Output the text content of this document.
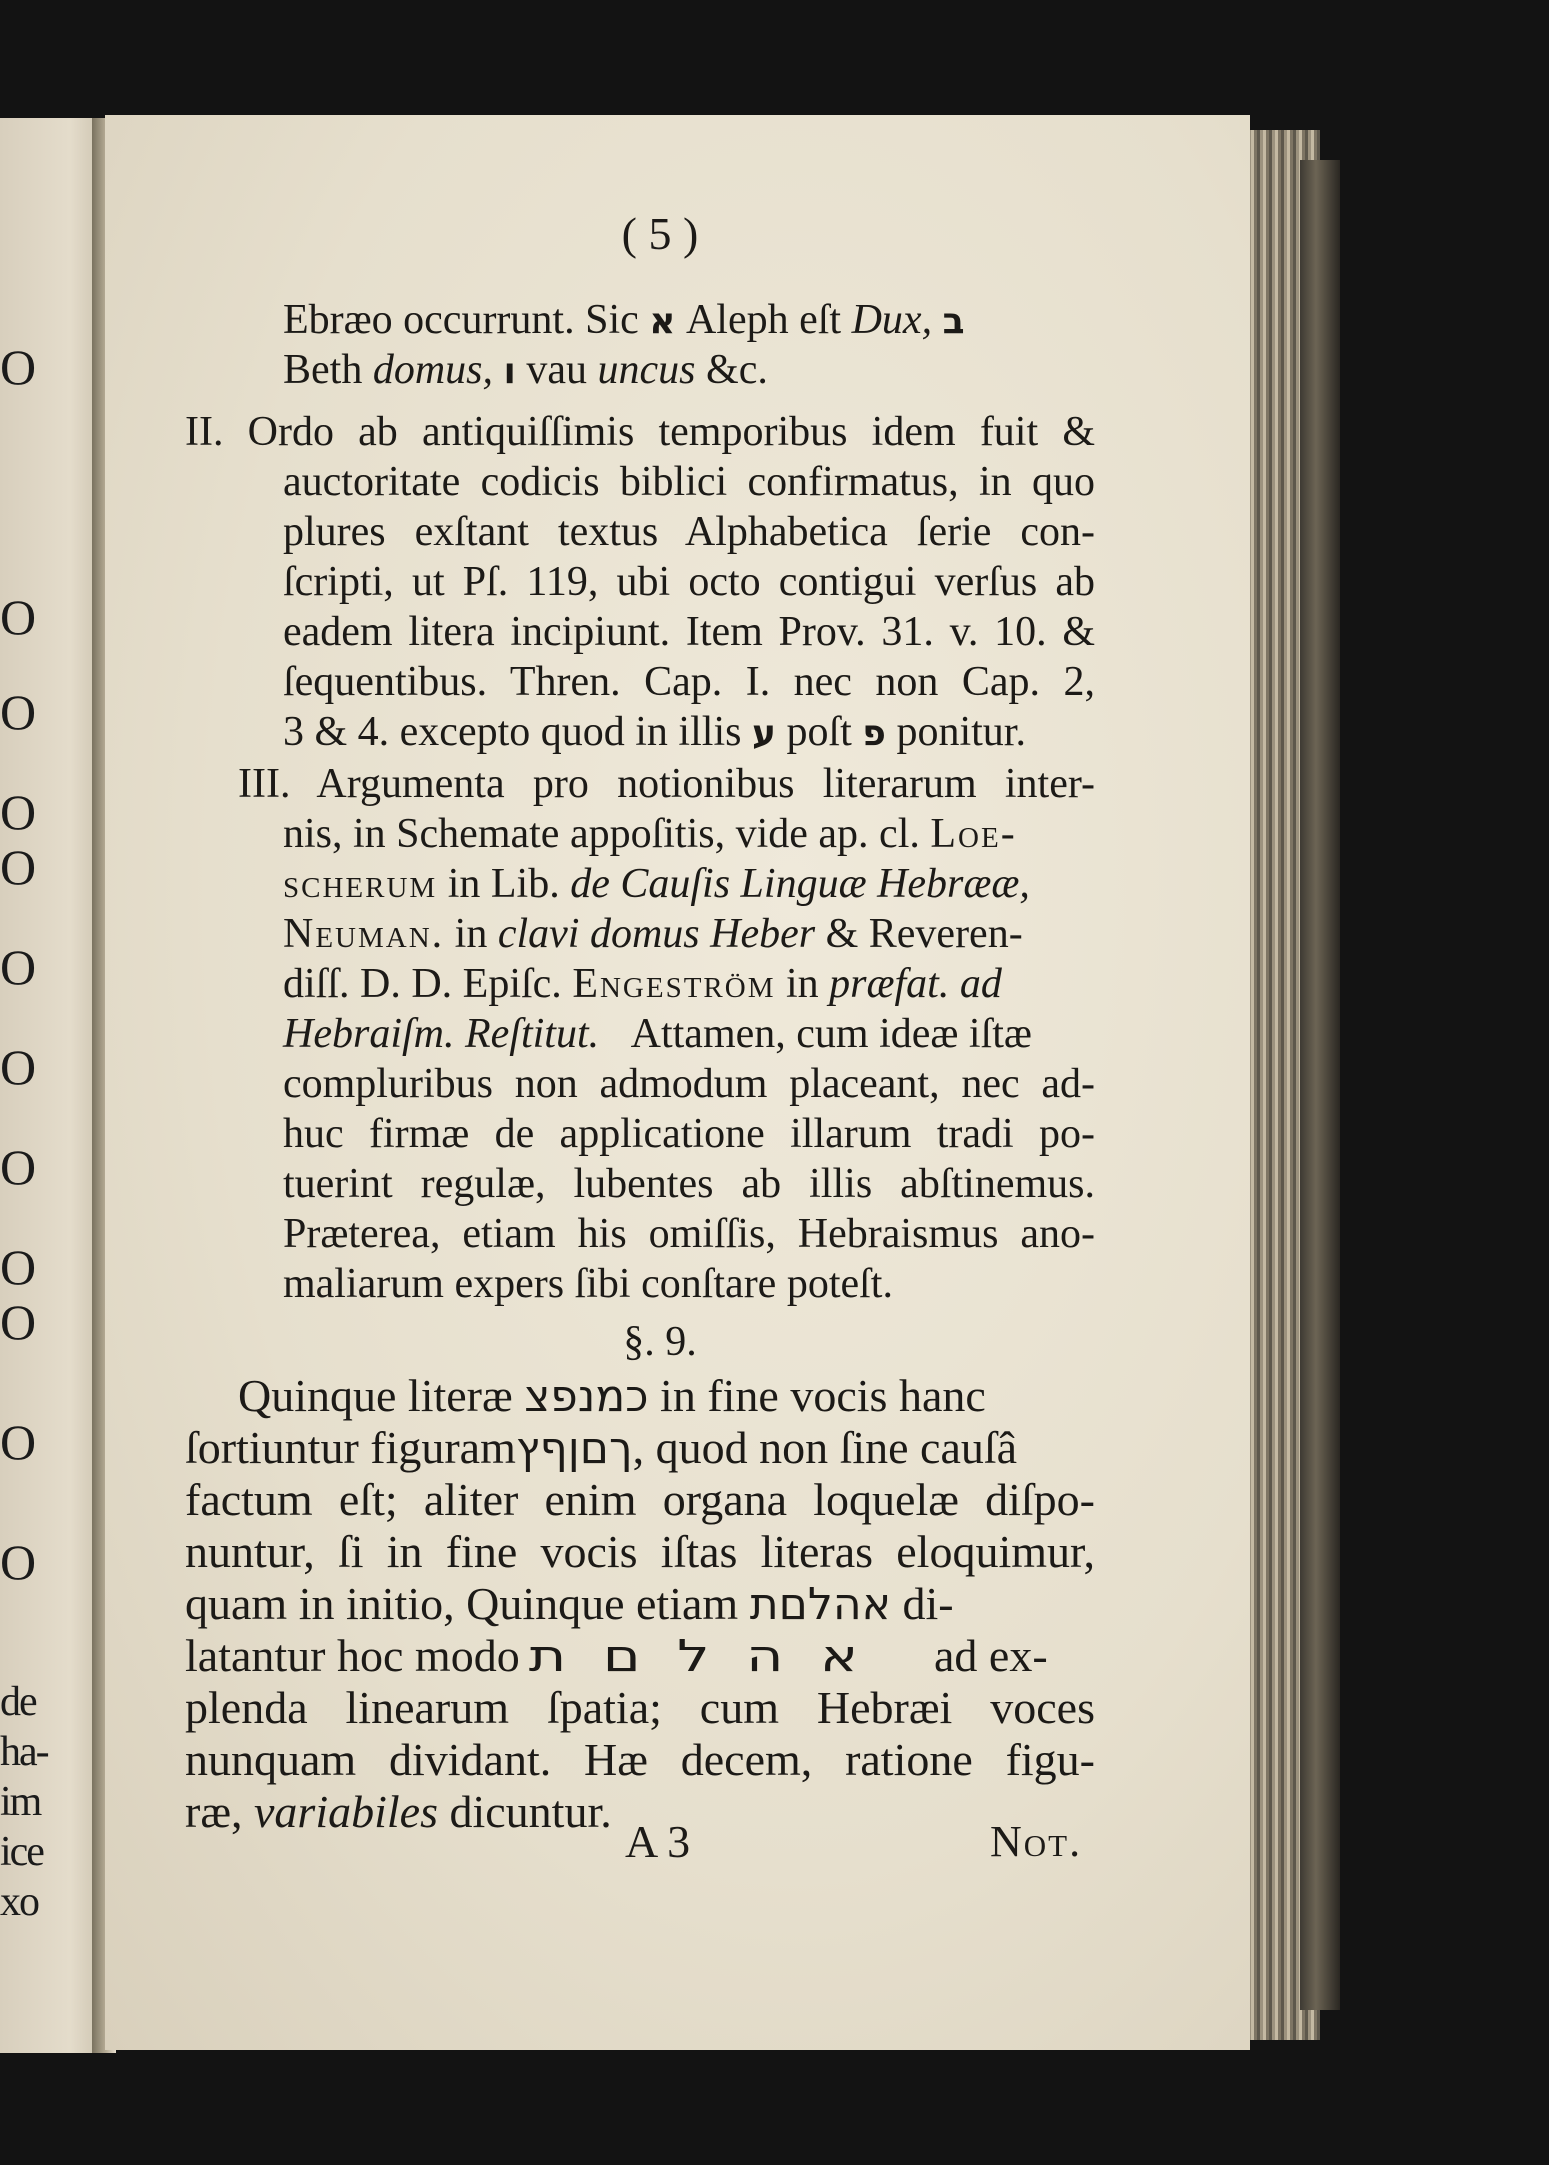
O
O
O
O
O
O
O
O
O
O
O
O
de
ha-
im
ice
xo
( 5 )
Ebræo occurrunt. Sic א Aleph eſt Dux, ב
Beth domus, ו vau uncus &c.
II. Ordo ab antiquiſſimis temporibus idem fuit &
auctoritate codicis biblici confirmatus, in quo
plures exſtant textus Alphabetica ſerie con-
ſcripti, ut Pſ. 119, ubi octo contigui verſus ab
eadem litera incipiunt. Item Prov. 31. v. 10. &
ſequentibus. Thren. Cap. I. nec non Cap. 2,
3 & 4. excepto quod in illis ע poſt פ ponitur.
III. Argumenta pro notionibus literarum inter-
nis, in Schemate appoſitis, vide ap. cl. Loe-
scherum in Lib. de Cauſis Linguæ Hebrææ,
Neuman. in clavi domus Heber & Reveren-
diſſ. D. D. Epiſc. Engeström in præfat. ad
Hebraiſm. Reſtitut. Attamen, cum ideæ iſtæ
compluribus non admodum placeant, nec ad-
huc firmæ de applicatione illarum tradi po-
tuerint regulæ, lubentes ab illis abſtinemus.
Præterea, etiam his omiſſis, Hebraismus ano-
maliarum expers ſibi conſtare poteſt.
§. 9.
Quinque literæ כמנפצ in fine vocis hanc
ſortiuntur figuramךםןףץ, quod non ſine cauſâ
factum eſt; aliter enim organa loquelæ diſpo-
nuntur, ſi in fine vocis iſtas literas eloquimur,
quam in initio, Quinque etiam אהלםת di-
latantur hoc modo אהלםת ad ex-
plenda linearum ſpatia; cum Hebræi voces
nunquam dividant. Hæ decem, ratione figu-
ræ, variabiles dicuntur.
A 3	Not.
